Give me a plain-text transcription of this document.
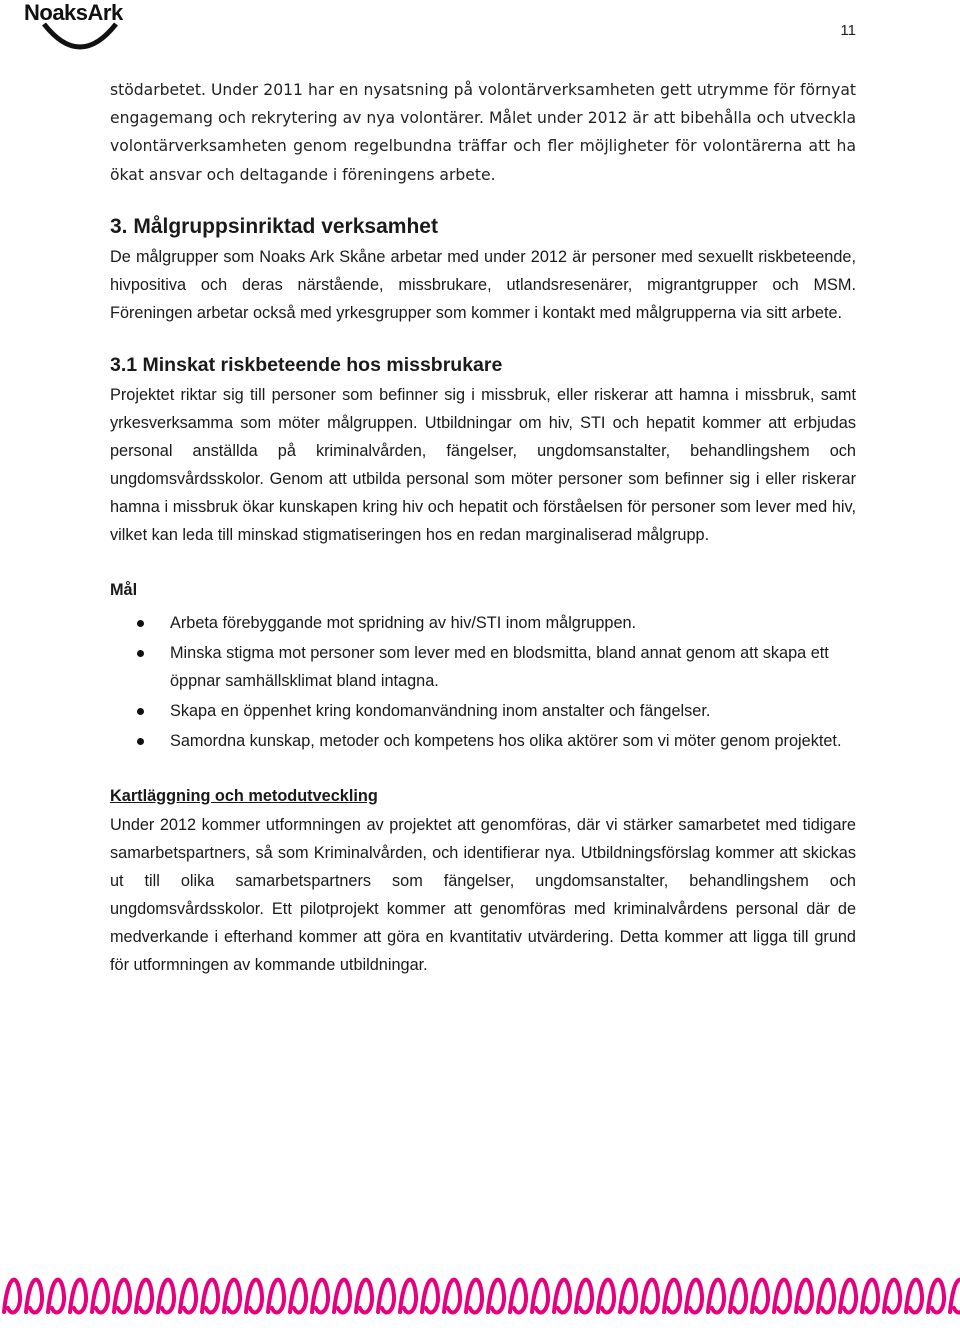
NoaksArk
11

stödarbetet. Under 2011 har en nysatsning på volontärverksamheten gett utrymme för förnyat engagemang och rekrytering av nya volontärer. Målet under 2012 är att bibehålla och utveckla volontärverksamheten genom regelbundna träffar och fler möjligheter för volontärerna att ha ökat ansvar och deltagande i föreningens arbete.

3. Målgruppsinriktad verksamhet

De målgrupper som Noaks Ark Skåne arbetar med under 2012 är personer med sexuellt riskbeteende, hivpositiva och deras närstående, missbrukare, utlandsresenärer, migrantgrupper och MSM. Föreningen arbetar också med yrkesgrupper som kommer i kontakt med målgrupperna via sitt arbete.

3.1 Minskat riskbeteende hos missbrukare

Projektet riktar sig till personer som befinner sig i missbruk, eller riskerar att hamna i missbruk, samt yrkesverksamma som möter målgruppen. Utbildningar om hiv, STI och hepatit kommer att erbjudas personal anställda på kriminalvården, fängelser, ungdomsanstalter, behandlingshem och ungdomsvårdsskolor. Genom att utbilda personal som möter personer som befinner sig i eller riskerar hamna i missbruk ökar kunskapen kring hiv och hepatit och förståelsen för personer som lever med hiv, vilket kan leda till minskad stigmatiseringen hos en redan marginaliserad målgrupp.

Mål
Arbeta förebyggande mot spridning av hiv/STI inom målgruppen.
Minska stigma mot personer som lever med en blodsmitta, bland annat genom att skapa ett öppnar samhällsklimat bland intagna.
Skapa en öppenhet kring kondomanvändning inom anstalter och fängelser.
Samordna kunskap, metoder och kompetens hos olika aktörer som vi möter genom projektet.
Kartläggning och metodutveckling

Under 2012 kommer utformningen av projektet att genomföras, där vi stärker samarbetet med tidigare samarbetspartners, så som Kriminalvården, och identifierar nya. Utbildningsförslag kommer att skickas ut till olika samarbetspartners som fängelser, ungdomsanstalter, behandlingshem och ungdomsvårdsskolor. Ett pilotprojekt kommer att genomföras med kriminalvårdens personal där de medverkande i efterhand kommer att göra en kvantitativ utvärdering. Detta kommer att ligga till grund för utformningen av kommande utbildningar.
